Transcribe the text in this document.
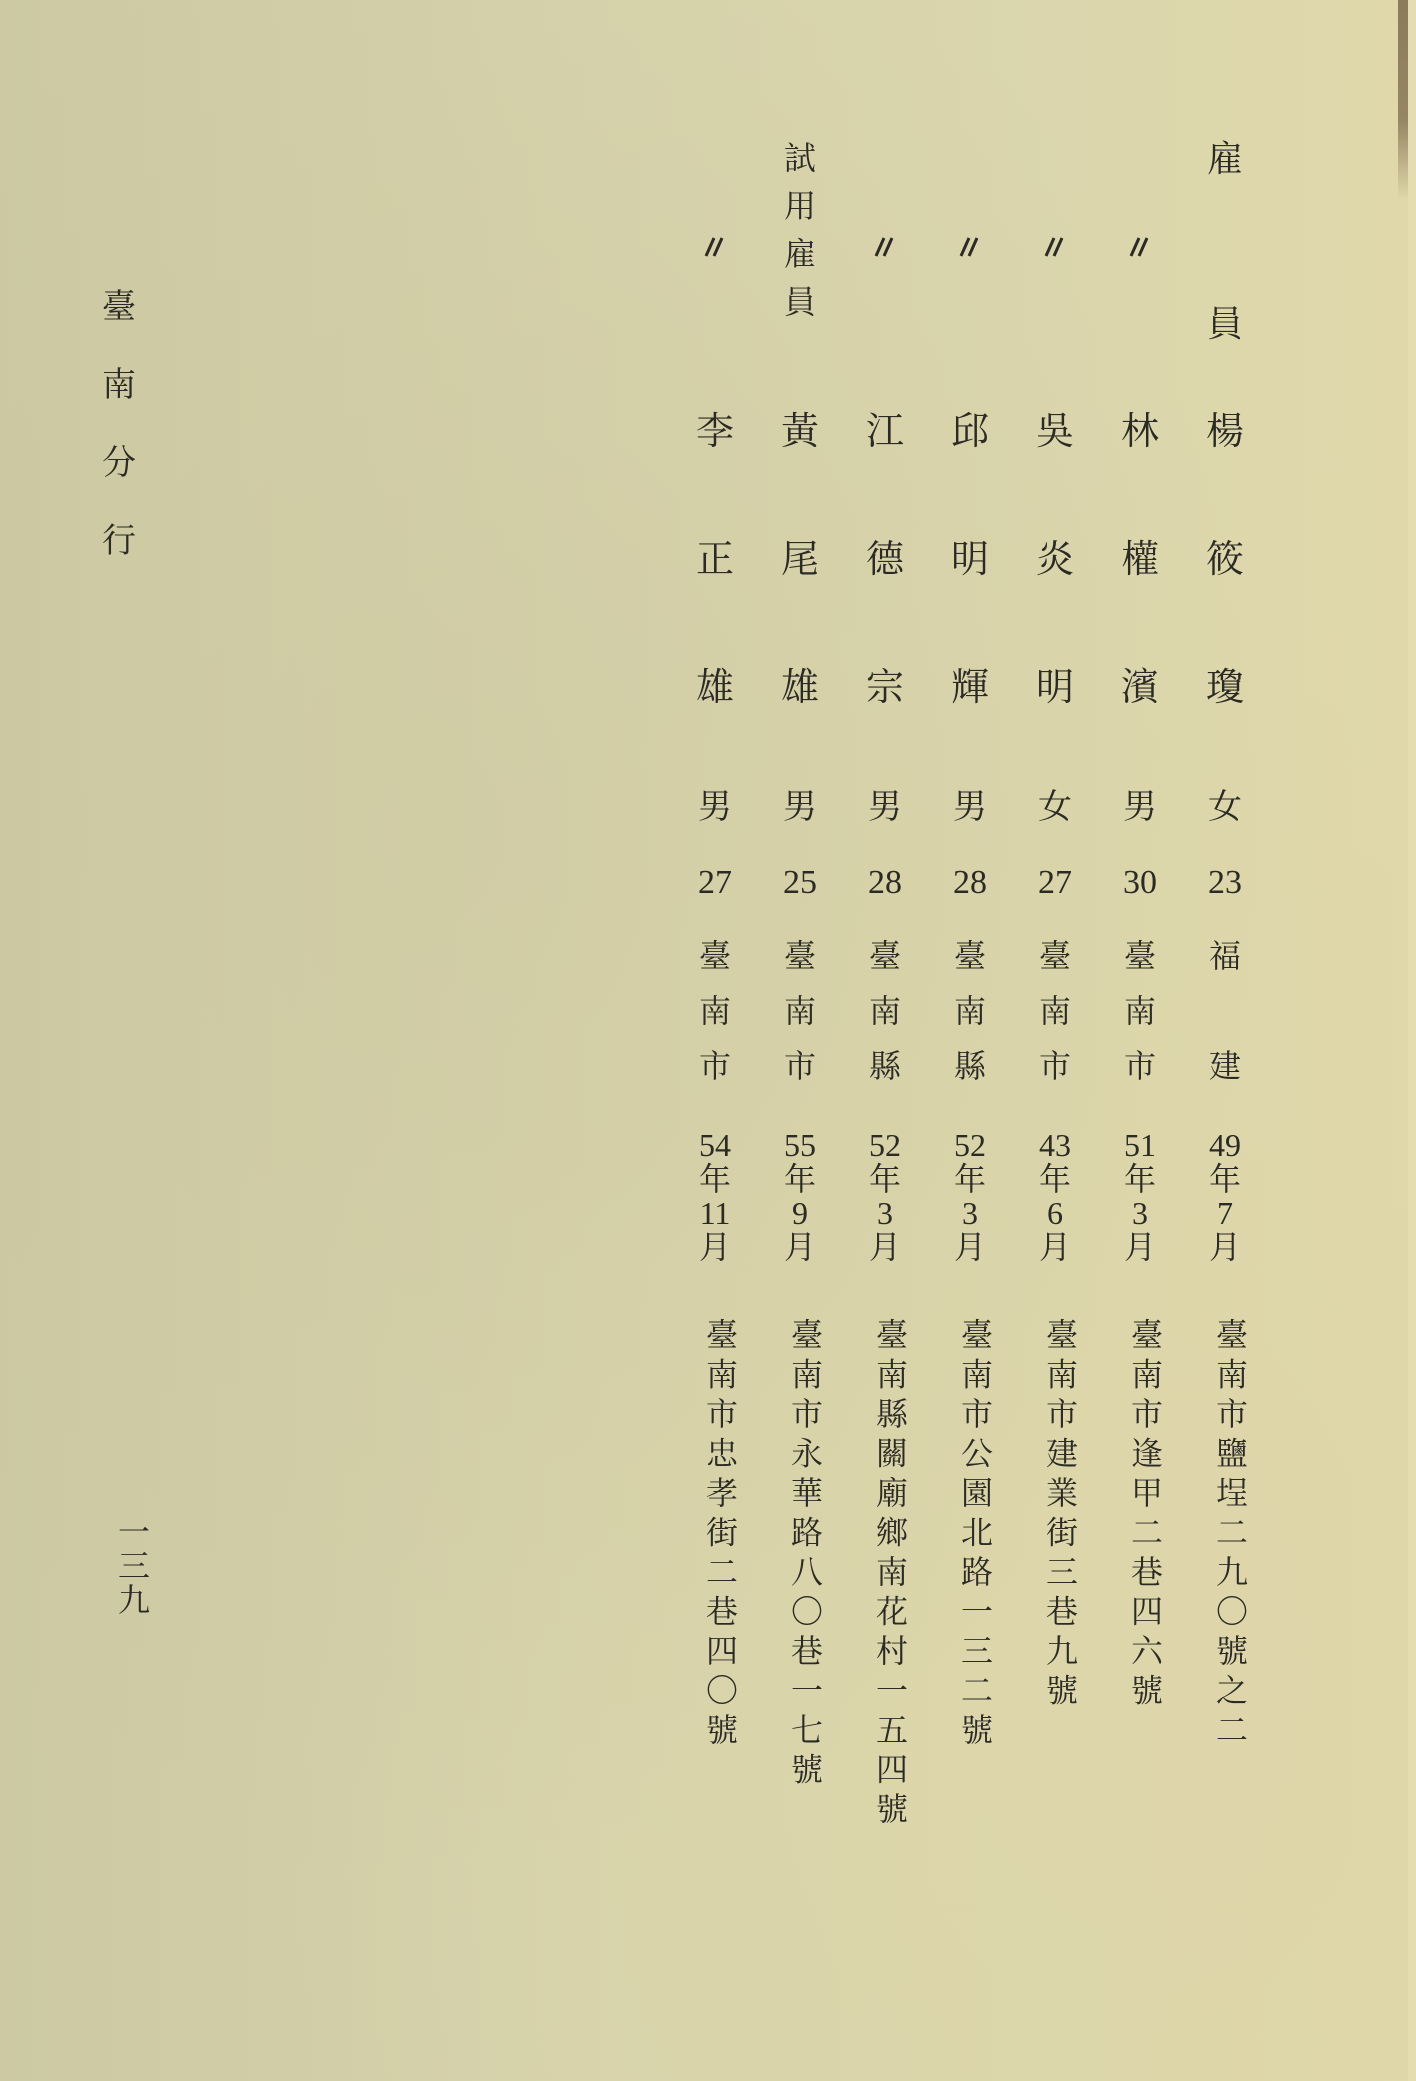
臺
南
分
行
一三九
雇
員
楊
筱
瓊
女
23
福
建
49
年
7
月
臺南市鹽埕二九〇號之二
林
權
濱
男
30
臺
南
市
51
年
3
月
臺南市逢甲二巷四六號
吳
炎
明
女
27
臺
南
市
43
年
6
月
臺南市建業街三巷九號
邱
明
輝
男
28
臺
南
縣
52
年
3
月
臺南市公園北路一三二號
江
德
宗
男
28
臺
南
縣
52
年
3
月
臺南縣關廟鄉南花村一五四號
試
用
雇
員
黃
尾
雄
男
25
臺
南
市
55
年
9
月
臺南市永華路八〇巷一七號
李
正
雄
男
27
臺
南
市
54
年
11
月
臺南市忠孝街二巷四〇號
